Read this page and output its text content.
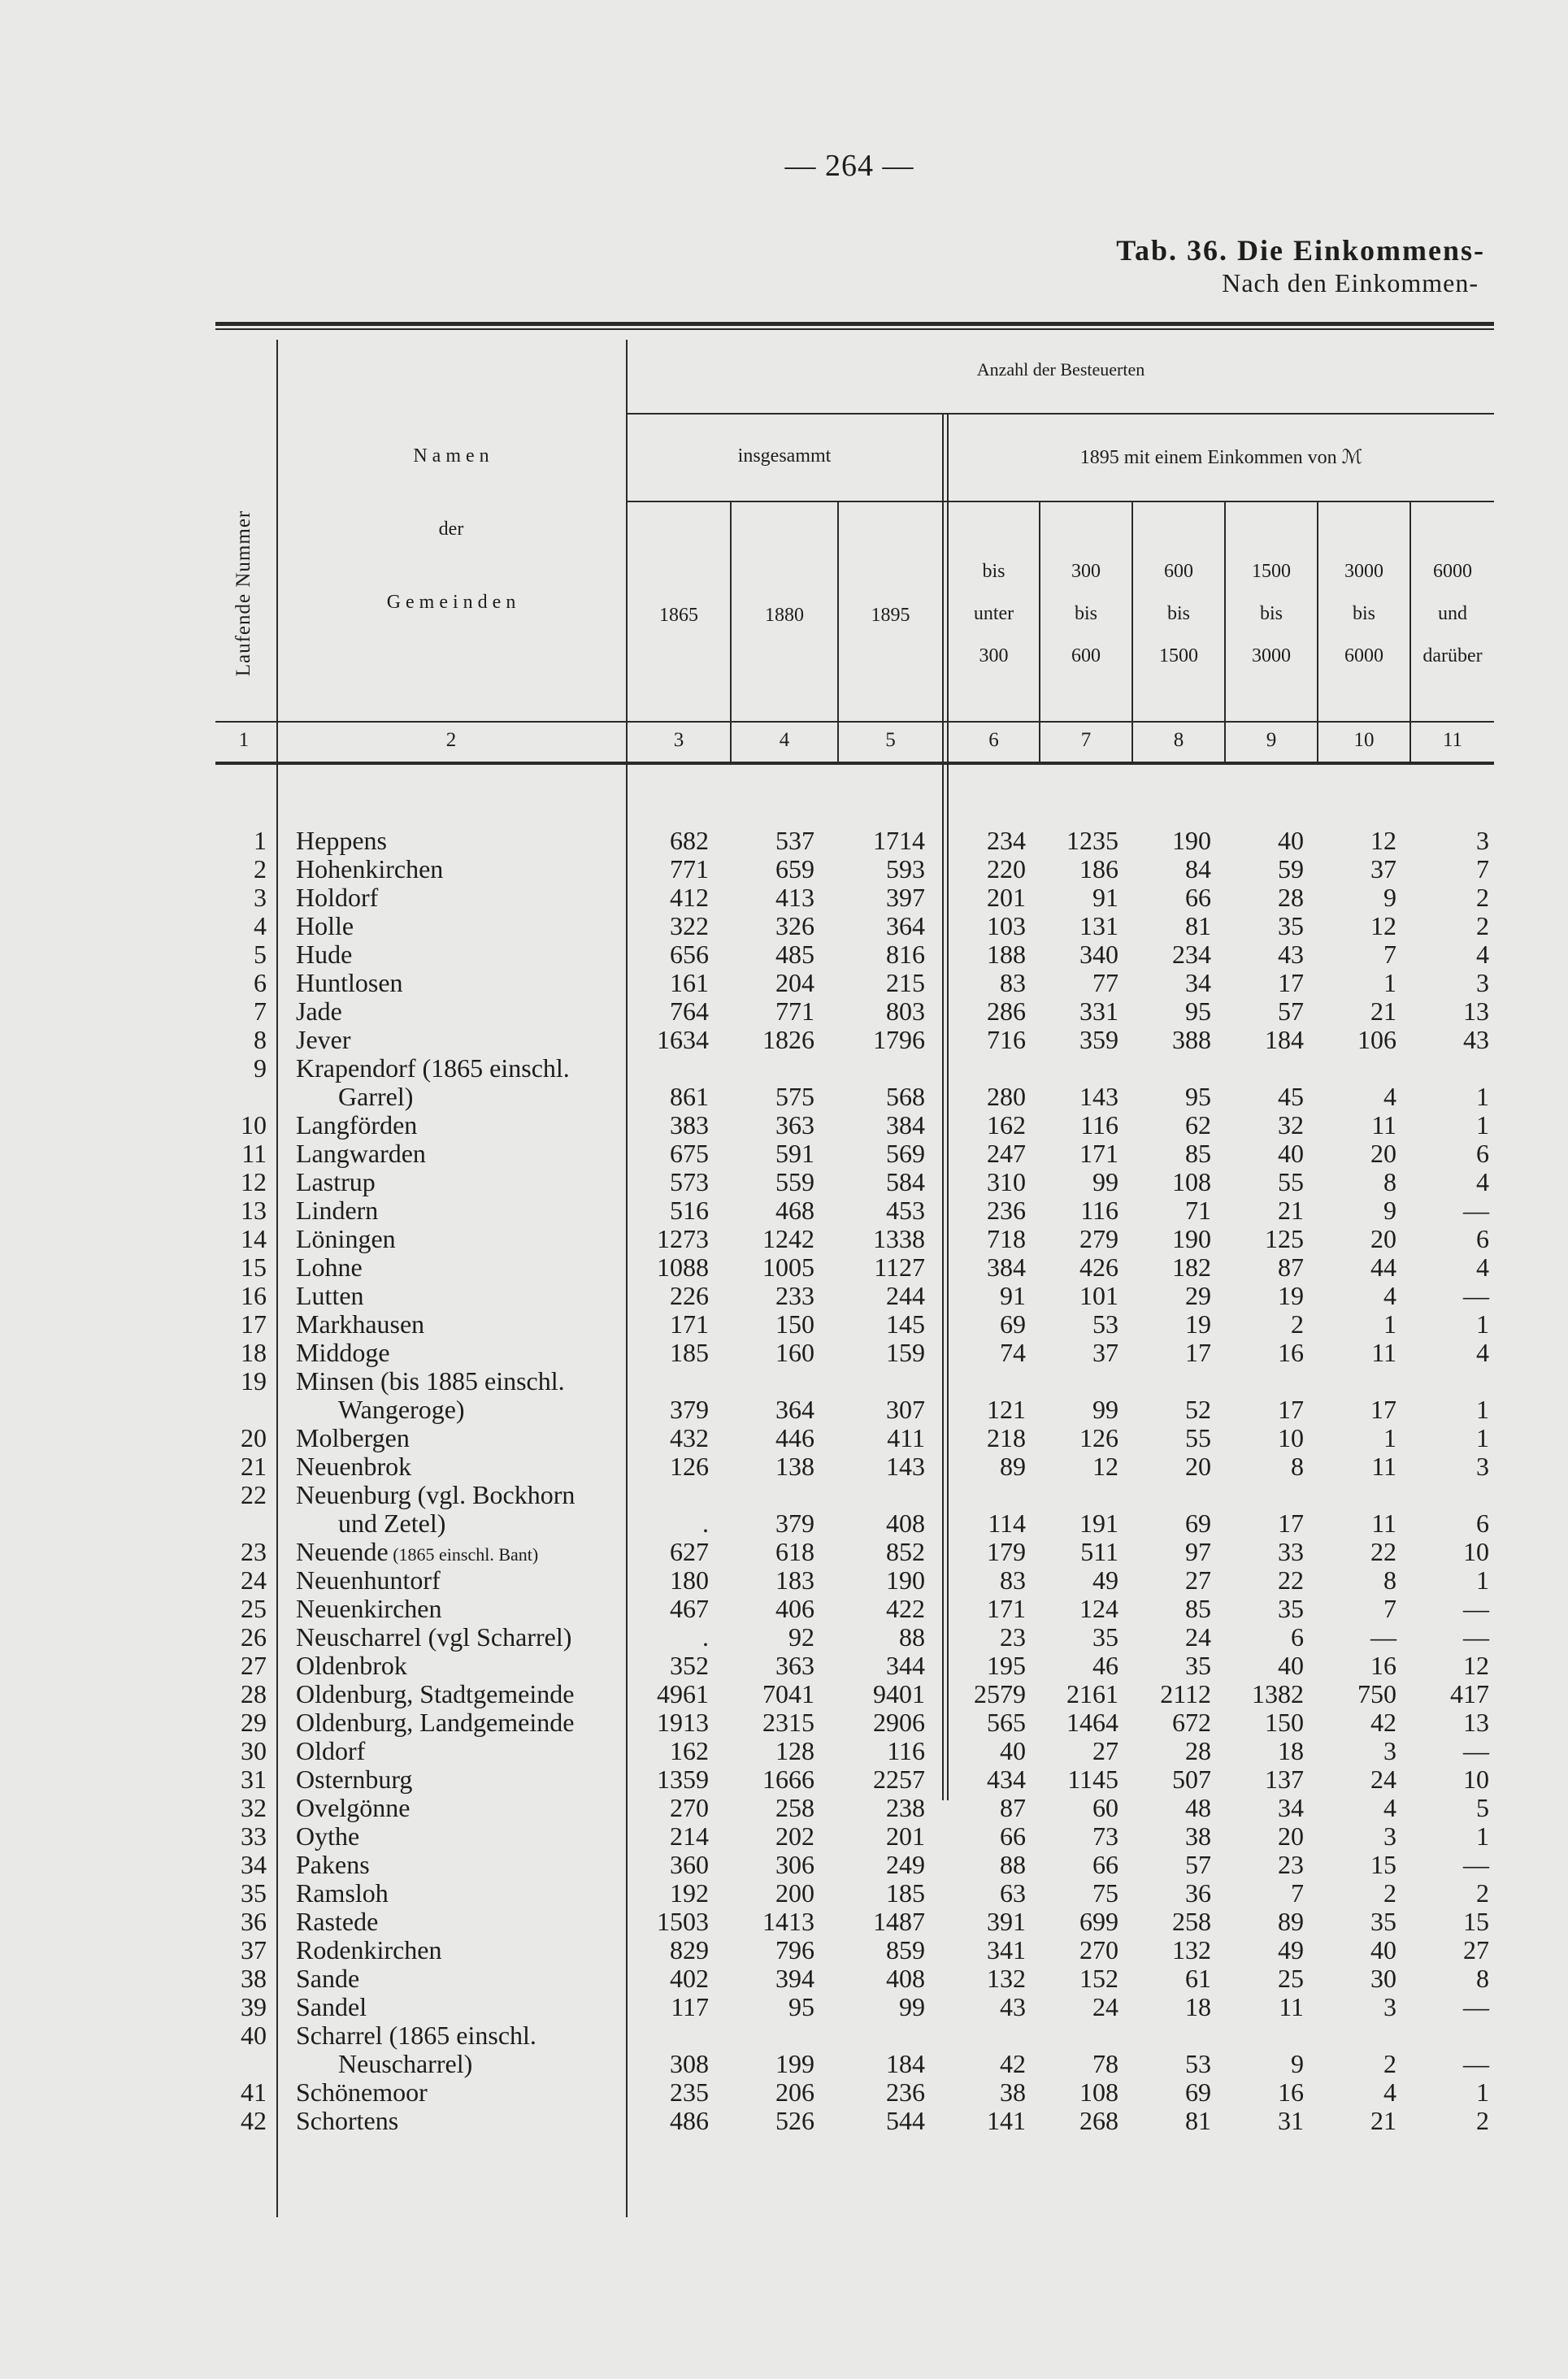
— 264 —
Tab. 36. Die Einkommens-
Nach den Einkommen-
Laufende Nummer
N a m e n
der
G e m e i n d e n
Anzahl der Besteuerten
insgesammt	1895 mit einem Einkommen von ℳ
1865	1880	1895
bis
unter
300
300
bis
600
600
bis
1500
1500
bis
3000
3000
bis
6000
6000
und
darüber
1	2	3	4	5	6	7	8	9	10	11
1 Heppens	682	537	1714	234	1235	190	40	12	3
2 Hohenkirchen	771	659	593	220	186	84	59	37	7
3 Holdorf	412	413	397	201	91	66	28	9	2
4 Holle	322	326	364	103	131	81	35	12	2
5 Hude	656	485	816	188	340	234	43	7	4
6 Huntlosen	161	204	215	83	77	34	17	1	3
7 Jade	764	771	803	286	331	95	57	21	13
8 Jever	1634	1826	1796	716	359	388	184	106	43
9 Krapendorf (1865 einschl.
Garrel)	861	575	568	280	143	95	45	4	1
10 Langförden	383	363	384	162	116	62	32	11	1
11 Langwarden	675	591	569	247	171	85	40	20	6
12 Lastrup	573	559	584	310	99	108	55	8	4
13 Lindern	516	468	453	236	116	71	21	9	—
14 Löningen	1273	1242	1338	718	279	190	125	20	6
15 Lohne	1088	1005	1127	384	426	182	87	44	4
16 Lutten	226	233	244	91	101	29	19	4	—
17 Markhausen	171	150	145	69	53	19	2	1	1
18 Middoge	185	160	159	74	37	17	16	11	4
19 Minsen (bis 1885 einschl.
Wangeroge)	379	364	307	121	99	52	17	17	1
20 Molbergen	432	446	411	218	126	55	10	1	1
21 Neuenbrok	126	138	143	89	12	20	8	11	3
22 Neuenburg (vgl. Bockhorn
und Zetel)	.	379	408	114	191	69	17	11	6
23 Neuende (1865 einschl. Bant)	627	618	852	179	511	97	33	22	10
24 Neuenhuntorf	180	183	190	83	49	27	22	8	1
25 Neuenkirchen	467	406	422	171	124	85	35	7	—
26 Neuscharrel (vgl Scharrel)	.	92	88	23	35	24	6	—	—
27 Oldenbrok	352	363	344	195	46	35	40	16	12
28 Oldenburg, Stadtgemeinde	4961	7041	9401	2579	2161	2112	1382	750	417
29 Oldenburg, Landgemeinde	1913	2315	2906	565	1464	672	150	42	13
30 Oldorf	162	128	116	40	27	28	18	3	—
31 Osternburg	1359	1666	2257	434	1145	507	137	24	10
32 Ovelgönne	270	258	238	87	60	48	34	4	5
33 Oythe	214	202	201	66	73	38	20	3	1
34 Pakens	360	306	249	88	66	57	23	15	—
35 Ramsloh	192	200	185	63	75	36	7	2	2
36 Rastede	1503	1413	1487	391	699	258	89	35	15
37 Rodenkirchen	829	796	859	341	270	132	49	40	27
38 Sande	402	394	408	132	152	61	25	30	8
39 Sandel	117	95	99	43	24	18	11	3	—
40 Scharrel (1865 einschl.
Neuscharrel)	308	199	184	42	78	53	9	2	—
41 Schönemoor	235	206	236	38	108	69	16	4	1
42 Schortens	486	526	544	141	268	81	31	21	2
